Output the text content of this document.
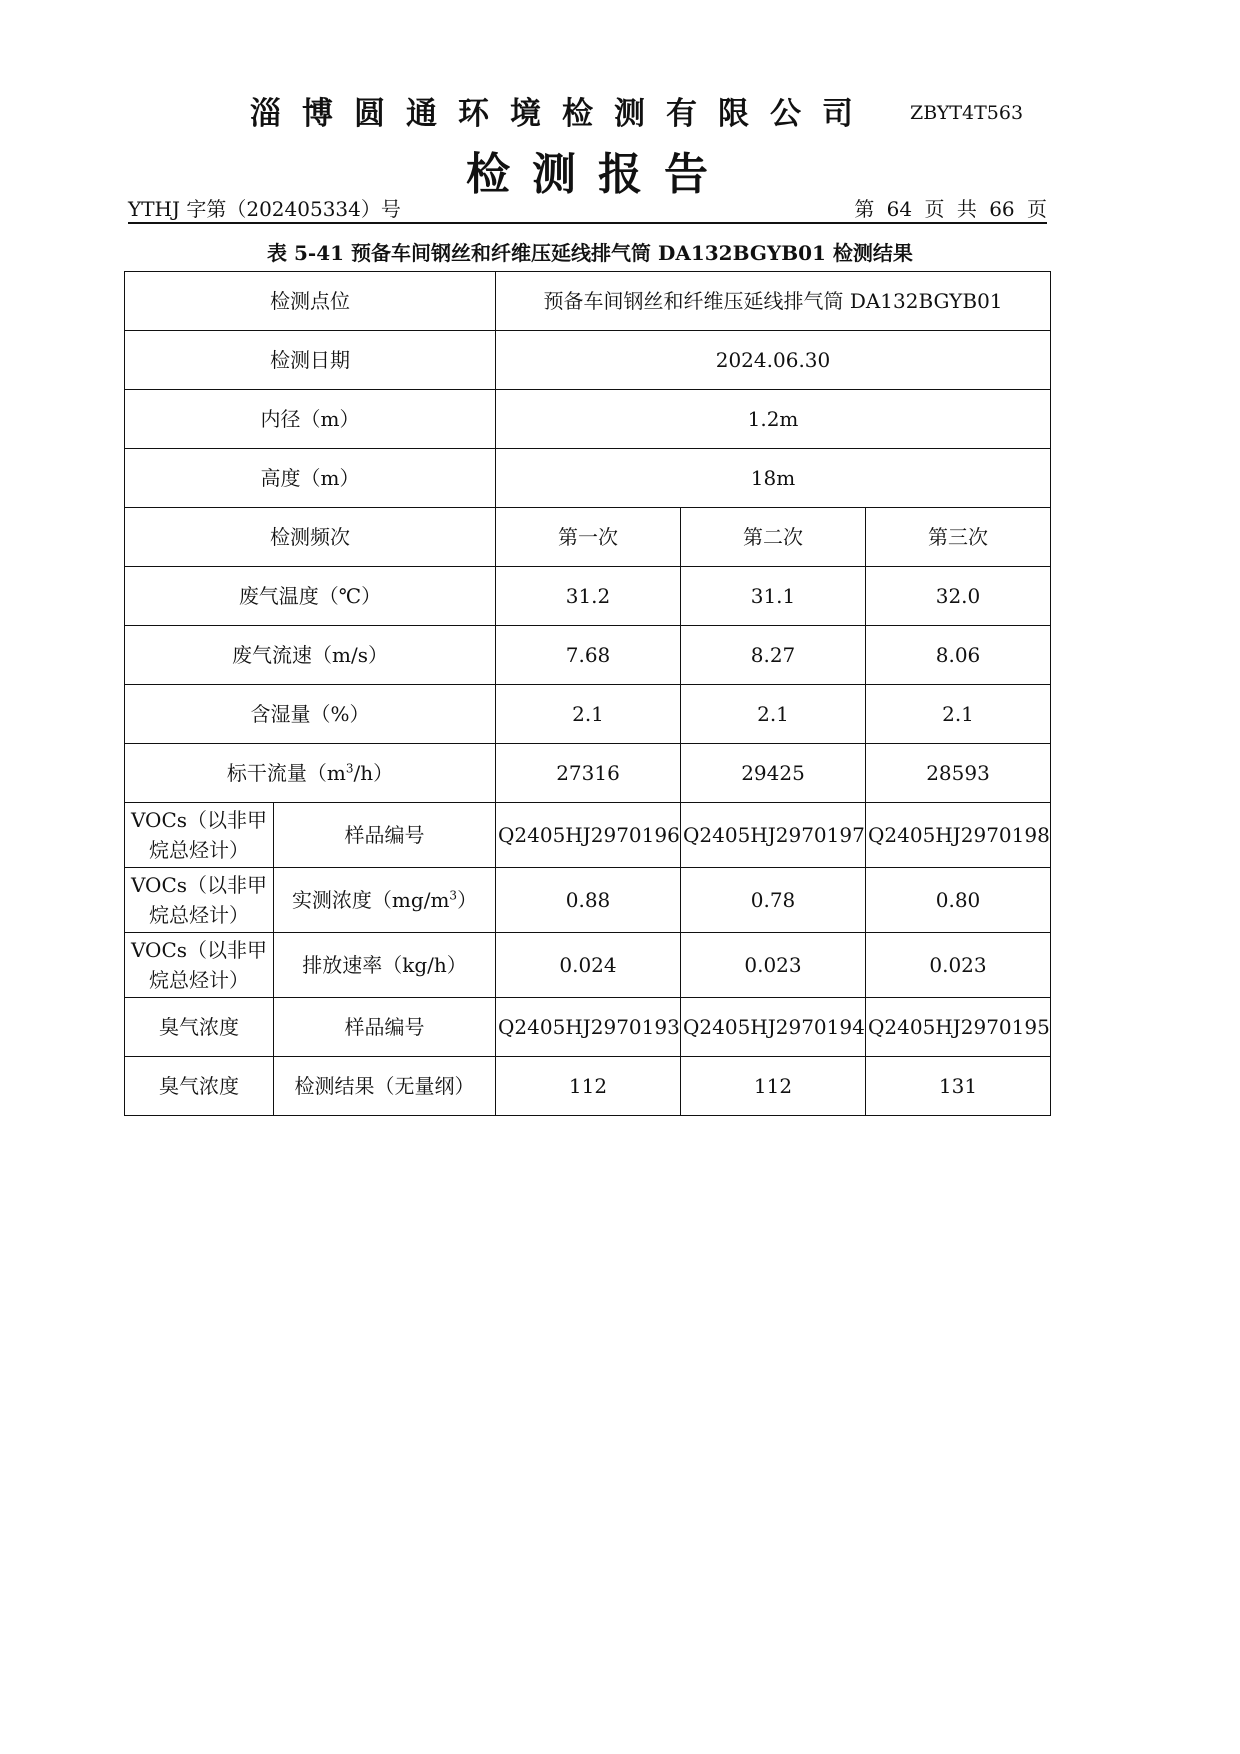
淄博圆通环境检测有限公司 ZBYT4T563
检测报告
YTHJ 字第（202405334）号	第 64 页 共 66 页
表 5-41 预备车间钢丝和纤维压延线排气筒 DA132BGYB01 检测结果
检测点位		预备车间钢丝和纤维压延线排气筒 DA132BGYB01		
检测日期		2024.06.30		
内径（m）		1.2m		
高度（m）		18m		
检测频次		第一次	第二次	第三次
废气温度（℃）		31.2	31.1	32.0
废气流速（m/s）		7.68	8.27	8.06
含湿量（%）		2.1	2.1	2.1
标干流量$(m^3/h)$		27316	29425	28593
VOCs（以非甲烷总烃计）	样品编号	Q2405HJ2970196	Q2405HJ2970197	Q2405HJ2970198
VOCs（以非甲烷总烃计）	实测浓度$(mg/m^3)$	0.88	0.78	0.80
VOCs（以非甲烷总烃计）	排放速率（kg/h）	0.024	0.023	0.023
臭气浓度	样品编号	Q2405HJ2970193	Q2405HJ2970194	Q2405HJ2970195
臭气浓度	检测结果（无量纲）	112	112	131
